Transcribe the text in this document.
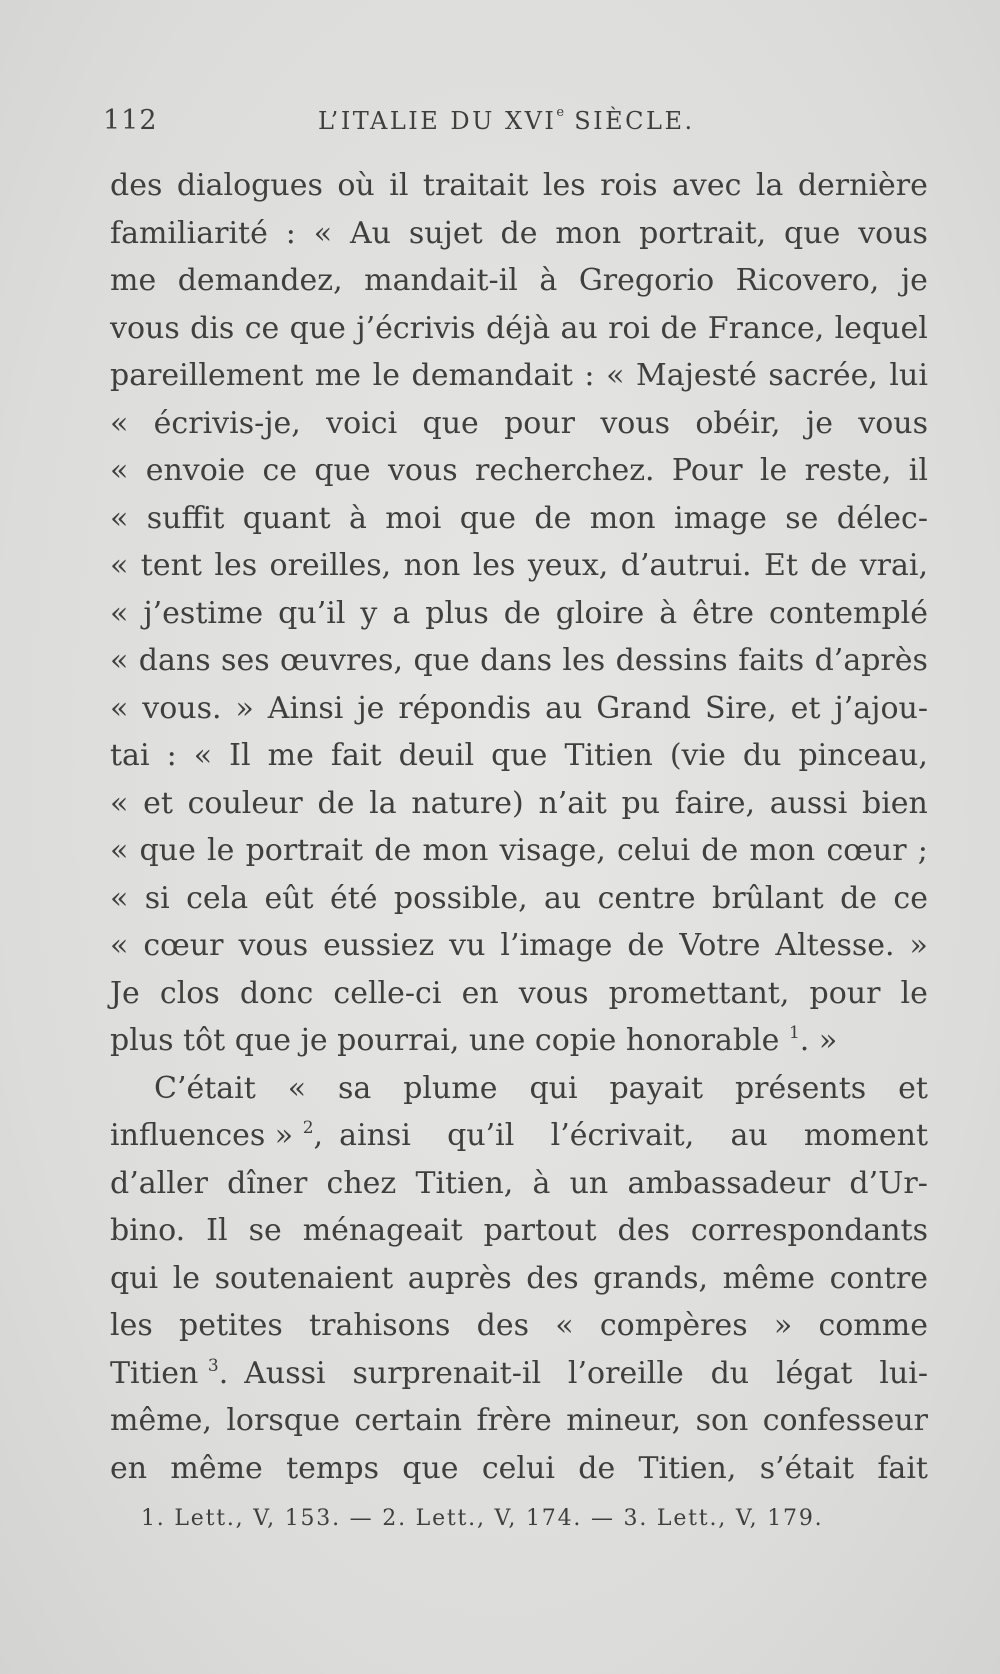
112	L’ITALIE DU XVIe SIÈCLE.
des dialogues où il traitait les rois avec la dernière
familiarité : « Au sujet de mon portrait, que vous
me demandez, mandait-il à Gregorio Ricovero, je
vous dis ce que j’écrivis déjà au roi de France, lequel
pareillement me le demandait : « Majesté sacrée, lui
« écrivis-je, voici que pour vous obéir, je vous
« envoie ce que vous recherchez. Pour le reste, il
« suffit quant à moi que de mon image se délec-
« tent les oreilles, non les yeux, d’autrui. Et de vrai,
« j’estime qu’il y a plus de gloire à être contemplé
« dans ses œuvres, que dans les dessins faits d’après
« vous. » Ainsi je répondis au Grand Sire, et j’ajou-
tai : « Il me fait deuil que Titien (vie du pinceau,
« et couleur de la nature) n’ait pu faire, aussi bien
« que le portrait de mon visage, celui de mon cœur ;
« si cela eût été possible, au centre brûlant de ce
« cœur vous eussiez vu l’image de Votre Altesse. »
Je clos donc celle-ci en vous promettant, pour le
plus tôt que je pourrai, une copie honorable
$^1$ . »
C’était « sa plume qui payait présents et
influences » $^2$, ainsi qu’il l’écrivait, au moment
d’aller dîner chez Titien, à un ambassadeur d’Ur-
bino. Il se ménageait partout des correspondants
qui le soutenaient auprès des grands, même contre
les petites trahisons des « compères » comme
Titien $^3$. Aussi surprenait-il l’oreille du légat lui-
même, lorsque certain frère mineur, son confesseur
en même temps que celui de Titien, s’était fait
1. Lett., V, 153. — 2. Lett., V, 174. — 3. Lett., V, 179.
